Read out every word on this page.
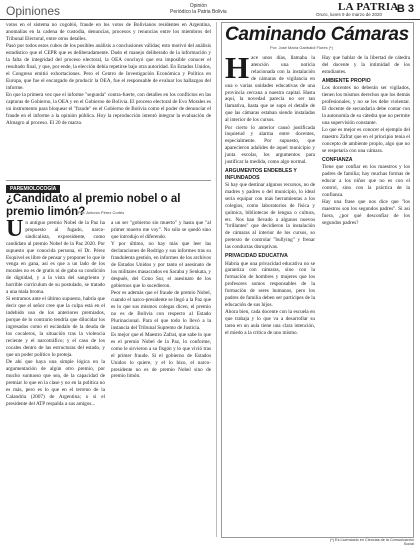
Opiniones	Opinión
Periódico la Patria Bolivia	LA PATRIA
Oruro, lunes 9 de marzo de 2020 B 3

votos en el sistema no cogobió, fraude en los votos de Bolivianos residentes en Argentina, anomalías en la cadena de custodia, denuncias, procesos y renuncias entre los miembros del Tribunal Electoral, entre otros detalles.

Pasó por todos estos cubos de los posibles análisis a conclusiones válidas; esto motivó del análisis estadístico que el CEPR que es deliberadamente. Dado el manejo deliberado de la información y la falta de integridad del proceso electoral, la OEA concluyó que era imposible conocer el resultado final, y que, por ende, la elección debía repetirse bajo otra autoridad. En Estados Unidos, el Congreso emitió exhortaciones. Pero el Centro de Investigación Económica y Política en Europa, que fue el encargado de producir la OEA, fue el responsable de evaluar los hallazgos del informe.

En que la primera vez que el informe "segunda" contra-fuerte, con detalles en los conflictos en las capturas de Gobierno, la OEA y en el Gobierno de Bolivia. El proceso electoral de Evo Morales es un instrumento para bloquear el "fraude" en el Gobierno de Bolivia como el poder de denunciar el fraude en el informe a la opinión pública. Hoy la reproducción intentó integrar la evaluación de Almagro al proceso. El 20 de marzo.

PAREMIOLOCOGÍA
¿Candidato al premio nobel o al premio limón?
Por: Antonio Pérez Cortés

Un antiguo premio Nobel de la Paz ha propuesto al fugado, narco-sindicalista, expresidente, como candidato al premio Nobel de la Paz 2020. Por supuesto que conocida persona, el Dr. Pérez Esquivel es libre de pensar y proponer lo que le venga en gana, así es que a un lado de los morales no es de gratis ni de gaba su condición de dignidad, y a la vista del sangriento y horrible currículum de su postulado, se tratado a una mala broma.

Si entramos ante el último supuesto, habría que decir que el señor cree que la culpa está en el indebido uso de los anteriores premiados, porque de lo contrario tendría que dilucidar los ingresados como el escándalo de la deuda de los cocaleros, la situación tras la violencia reciente y el narcotráfico; y el caso de los cocales dentro de las estructuras del estado, y que un poder político lo proteja.

De ahí que haya una simple lógica en la argumentación de algún otro premio, por mucho suntuoso que sea, de la capacidad de premiar lo que en la clase y no en la política no es más, pero es lo que en el terreno de la Calandria (2007) de Argentina; o si el presidente del ATP respalda a sus amigos...

a un ser "gobierno sin muerto" y hasta que "al primer muerto me voy". No sólo se quedó sino que introdujo el diferendo.

Y por último, no hay más que leer las declaraciones de Rodrigo y sus informes tras su fraudulenta gestión, en informes de los archivos de Estados Unidos y por tanto el asesinato de los militares masacrados en Sacaba y Senkata, y después, del Cono Sur, el asesinato de los gobiernos que lo sucedieron.

Peor es además que el fraude de premio Nobel, cuando el narco-presidente se llegó a la Paz que es lo que sus mismos colegas dicen, el premio no es de Bolivia con respecto al Estado Plurinacional. Para el que todo lo llevó a la instancia del Tribunal Supremo de Justicia.

Es mejor que el Maestro Zafrat, que sabe lo que es el premio Nobel de la Paz, lo conforme, como le sirvieron a su fisgón y lo que vivió tras el primer fraude. Si el gobierno de Estados Unidos lo quiere, y el lo hizo, el narco-presidente no es de premio Nobel sino de premio limón.

Caminando Cámaras
Por: José María Garibaldi Flores (*)

Hace unos días, llamaba la atención una noticia relacionada con la instalación de cámaras de vigilancia en una o varias unidades educativas de una provincia cercana a nuestra capital. Hasta aquí, la novedad parecía no ser tan llamativa, hasta que se supo el detalle de que las cámaras estaban siendo instaladas al interior de los cursos.

Por cierto lo anterior causó justificada inquietud y alarma entre docentes, especialmente. Por supuesto, que aparecieron adalides de aquel municipio y junta escolar, los argumentos para justificar la medida, como algo normal.

ARGUMENTOS ENDEBLES Y INFUNDADOS

Si hay que destinar algunos recursos, no de madres y padres o del municipio, lo ideal sería equipar con más herramientas a los colegios, como laboratorios de física y química, bibliotecas de lengua o cultura, etc. Nos han llevado a algunos nuevos "brillantes" que decidieron la instalación de cámaras al interior de los cursos, so pretexto de controlar "bullying" y frenar las conductas disruptivas.

PRIVACIDAD EDUCATIVA

Habría que una privacidad educativa no se garantiza con cámaras, sino con la formación de hombres y mujeres que los profesores somos responsables de la formación de seres humanos, pero los padres de familia deben ser partícipes de la educación de sus hijos.

Ahora bien, cada docente con la escuela en que trabaja y lo que va a desarrollar su tarea en un aula tiene una clara intención, el miedo a la crítica de uno mismo.

Hay que hablar de la libertad de cátedra del docente y la intimidad de los estudiantes.

AMBIENTE PROPIO

Los docentes no deberán ser vigilados, tienen los mismos derechos que los demás profesionales, y no se les debe violentar. El docente de secundaria debe contar con la autonomía de su cátedra que no permite una supervisión constante.

Lo que es mejor es conocer el ejemplo del maestro Zafrat que en el principio tenía el concepto de ambiente propio, algo que no se respetaría con una cámara.

CONFIANZA

Tiene que confiar en los maestros y los padres de familia; hay muchas formas de educar a los niños que no es con el control, sino con la práctica de la confianza.

Hay una frase que nos dice que "los maestros son los segundos padres". Si así fuera, ¿por qué desconfiar de los segundos padres?

(*) Es Licenciado en Ciencias de la Comunicación Social
